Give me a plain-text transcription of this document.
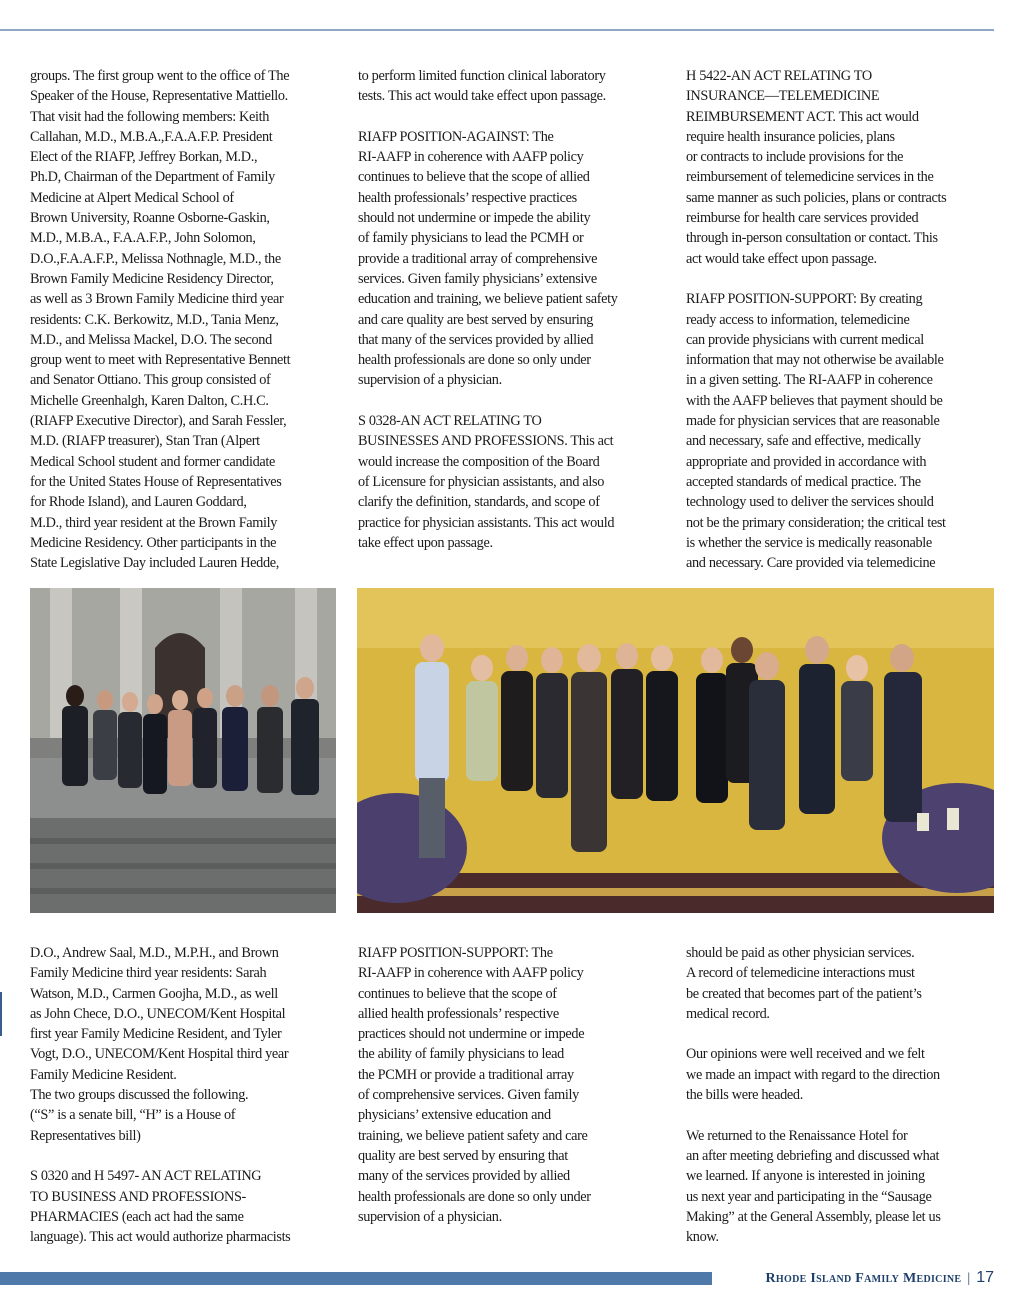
groups. The first group went to the office of The
Speaker of the House, Representative Mattiello.
That visit had the following members: Keith
Callahan, M.D., M.B.A.,F.A.A.F.P. President
Elect of the RIAFP, Jeffrey Borkan, M.D.,
Ph.D, Chairman of the Department of Family
Medicine at Alpert Medical School of
Brown University, Roanne Osborne-Gaskin,
M.D., M.B.A., F.A.A.F.P., John Solomon,
D.O.,F.A.A.F.P., Melissa Nothnagle, M.D., the
Brown Family Medicine Residency Director,
as well as 3 Brown Family Medicine third year
residents: C.K. Berkowitz, M.D., Tania Menz,
M.D., and Melissa Mackel, D.O. The second
group went to meet with Representative Bennett
and Senator Ottiano. This group consisted of
Michelle Greenhalgh, Karen Dalton, C.H.C.
(RIAFP Executive Director), and Sarah Fessler,
M.D. (RIAFP treasurer), Stan Tran (Alpert
Medical School student and former candidate
for the United States House of Representatives
for Rhode Island), and Lauren Goddard,
M.D., third year resident at the Brown Family
Medicine Residency. Other participants in the
State Legislative Day included Lauren Hedde,

to perform limited function clinical laboratory
tests. This act would take effect upon passage.

RIAFP POSITION-AGAINST: The
RI-AAFP in coherence with AAFP policy
continues to believe that the scope of allied
health professionals’ respective practices
should not undermine or impede the ability
of family physicians to lead the PCMH or
provide a traditional array of comprehensive
services. Given family physicians’ extensive
education and training, we believe patient safety
and care quality are best served by ensuring
that many of the services provided by allied
health professionals are done so only under
supervision of a physician.

S 0328-AN ACT RELATING TO
BUSINESSES AND PROFESSIONS. This act
would increase the composition of the Board
of Licensure for physician assistants, and also
clarify the definition, standards, and scope of
practice for physician assistants. This act would
take effect upon passage.

H 5422-AN ACT RELATING TO
INSURANCE—TELEMEDICINE
REIMBURSEMENT ACT. This act would
require health insurance policies, plans
or contracts to include provisions for the
reimbursement of telemedicine services in the
same manner as such policies, plans or contracts
reimburse for health care services provided
through in-person consultation or contact. This
act would take effect upon passage.

RIAFP POSITION-SUPPORT: By creating
ready access to information, telemedicine
can provide physicians with current medical
information that may not otherwise be available
in a given setting. The RI-AAFP in coherence
with the AAFP believes that payment should be
made for physician services that are reasonable
and necessary, safe and effective, medically
appropriate and provided in accordance with
accepted standards of medical practice. The
technology used to deliver the services should
not be the primary consideration; the critical test
is whether the service is medically reasonable
and necessary. Care provided via telemedicine

D.O., Andrew Saal, M.D., M.P.H., and Brown
Family Medicine third year residents: Sarah
Watson, M.D., Carmen Goojha, M.D., as well
as John Chece, D.O., UNECOM/Kent Hospital
first year Family Medicine Resident, and Tyler
Vogt, D.O., UNECOM/Kent Hospital third year
Family Medicine Resident.
The two groups discussed the following.
(“S” is a senate bill, “H” is a House of
Representatives bill)

S 0320 and H 5497- AN ACT RELATING
TO BUSINESS AND PROFESSIONS-
PHARMACIES (each act had the same
language). This act would authorize pharmacists

RIAFP POSITION-SUPPORT: The
RI-AAFP in coherence with AAFP policy
continues to believe that the scope of
allied health professionals’ respective
practices should not undermine or impede
the ability of family physicians to lead
the PCMH or provide a traditional array
of comprehensive services. Given family
physicians’ extensive education and
training, we believe patient safety and care
quality are best served by ensuring that
many of the services provided by allied
health professionals are done so only under
supervision of a physician.

should be paid as other physician services.
A record of telemedicine interactions must
be created that becomes part of the patient’s
medical record.

Our opinions were well received and we felt
we made an impact with regard to the direction
the bills were headed.

We returned to the Renaissance Hotel for
an after meeting debriefing and discussed what
we learned. If anyone is interested in joining
us next year and participating in the “Sausage
Making” at the General Assembly, please let us
know.

Rhode Island Family Medicine | 17
